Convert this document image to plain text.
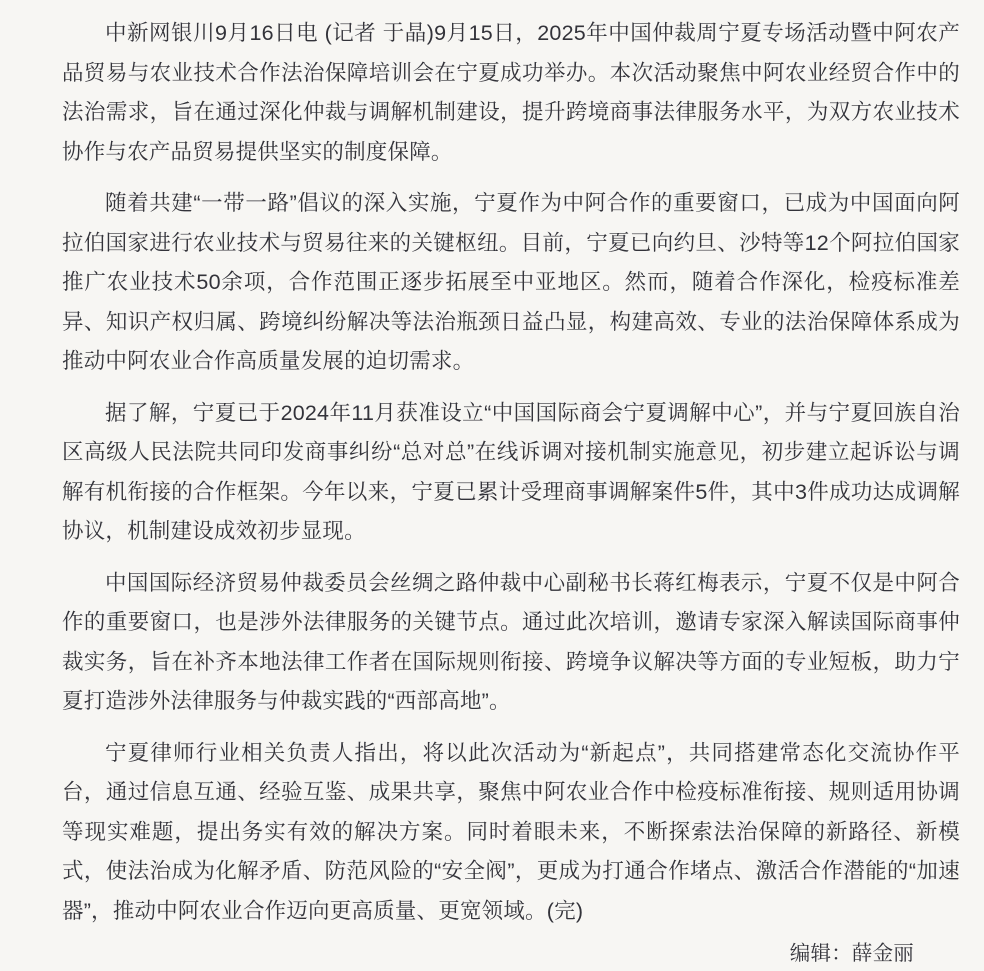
中新网银川9月16日电 (记者 于晶)9月15日，2025年中国仲裁周宁夏专场活动暨中阿农产品贸易与农业技术合作法治保障培训会在宁夏成功举办。本次活动聚焦中阿农业经贸合作中的法治需求，旨在通过深化仲裁与调解机制建设，提升跨境商事法律服务水平，为双方农业技术协作与农产品贸易提供坚实的制度保障。

随着共建“一带一路”倡议的深入实施，宁夏作为中阿合作的重要窗口，已成为中国面向阿拉伯国家进行农业技术与贸易往来的关键枢纽。目前，宁夏已向约旦、沙特等12个阿拉伯国家推广农业技术50余项，合作范围正逐步拓展至中亚地区。然而，随着合作深化，检疫标准差异、知识产权归属、跨境纠纷解决等法治瓶颈日益凸显，构建高效、专业的法治保障体系成为推动中阿农业合作高质量发展的迫切需求。

据了解，宁夏已于2024年11月获准设立“中国国际商会宁夏调解中心”，并与宁夏回族自治区高级人民法院共同印发商事纠纷“总对总”在线诉调对接机制实施意见，初步建立起诉讼与调解有机衔接的合作框架。今年以来，宁夏已累计受理商事调解案件5件，其中3件成功达成调解协议，机制建设成效初步显现。

中国国际经济贸易仲裁委员会丝绸之路仲裁中心副秘书长蒋红梅表示，宁夏不仅是中阿合作的重要窗口，也是涉外法律服务的关键节点。通过此次培训，邀请专家深入解读国际商事仲裁实务，旨在补齐本地法律工作者在国际规则衔接、跨境争议解决等方面的专业短板，助力宁夏打造涉外法律服务与仲裁实践的“西部高地”。

宁夏律师行业相关负责人指出，将以此次活动为“新起点”，共同搭建常态化交流协作平台，通过信息互通、经验互鉴、成果共享，聚焦中阿农业合作中检疫标准衔接、规则适用协调等现实难题，提出务实有效的解决方案。同时着眼未来，不断探索法治保障的新路径、新模式，使法治成为化解矛盾、防范风险的“安全阀”，更成为打通合作堵点、激活合作潜能的“加速器”，推动中阿农业合作迈向更高质量、更宽领域。(完)

编辑：薛金丽
